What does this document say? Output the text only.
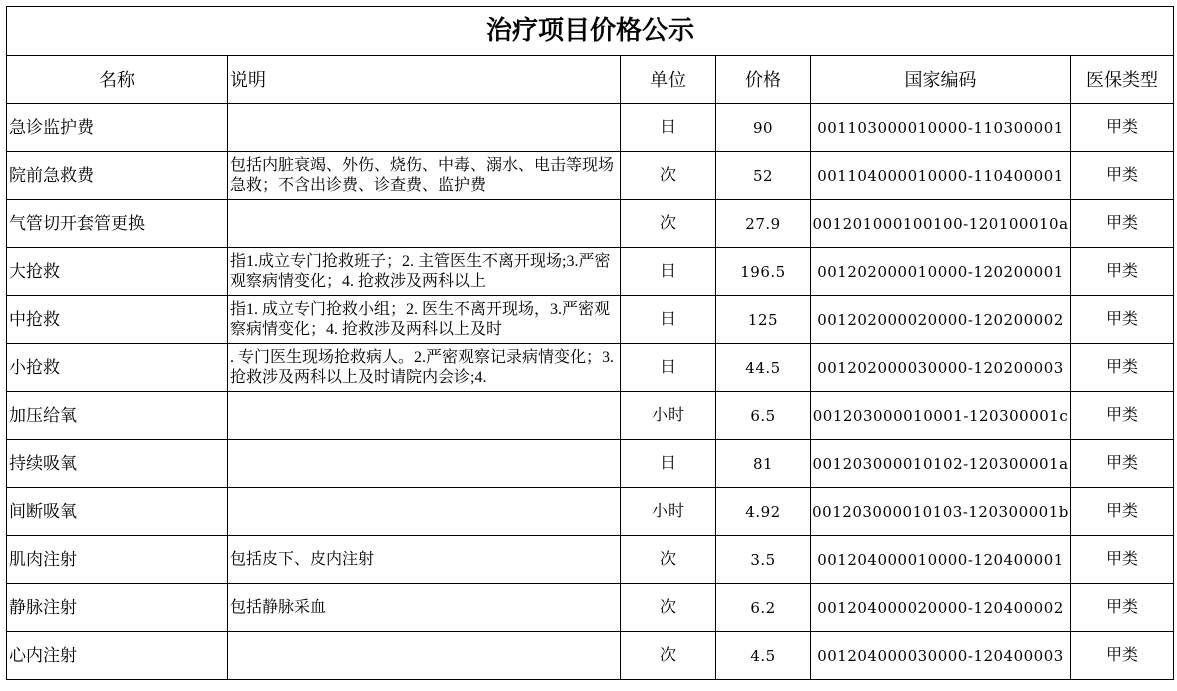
治疗项目价格公示					
名称	说明	单位	价格	国家编码	医保类型
急诊监护费		日	90	001103000010000-110300001	甲类
院前急救费	包括内脏衰竭、外伤、烧伤、中毒、溺水、电击等现场急救；不含出诊费、诊查费、监护费	次	52	001104000010000-110400001	甲类
气管切开套管更换		次	27.9	001201000100100-120100010a	甲类
大抢救	指1.成立专门抢救班子；2. 主管医生不离开现场;3.严密观察病情变化；4. 抢救涉及两科以上	日	196.5	001202000010000-120200001	甲类
中抢救	指1. 成立专门抢救小组；2. 医生不离开现场，3.严密观察病情变化；4. 抢救涉及两科以上及时	日	125	001202000020000-120200002	甲类
小抢救	. 专门医生现场抢救病人。2.严密观察记录病情变化；3. 抢救涉及两科以上及时请院内会诊;4.	日	44.5	001202000030000-120200003	甲类
加压给氧		小时	6.5	001203000010001-120300001c	甲类
持续吸氧		日	81	001203000010102-120300001a	甲类
间断吸氧		小时	4.92	001203000010103-120300001b	甲类
肌肉注射	包括皮下、皮内注射	次	3.5	001204000010000-120400001	甲类
静脉注射	包括静脉采血	次	6.2	001204000020000-120400002	甲类
心内注射		次	4.5	001204000030000-120400003	甲类
